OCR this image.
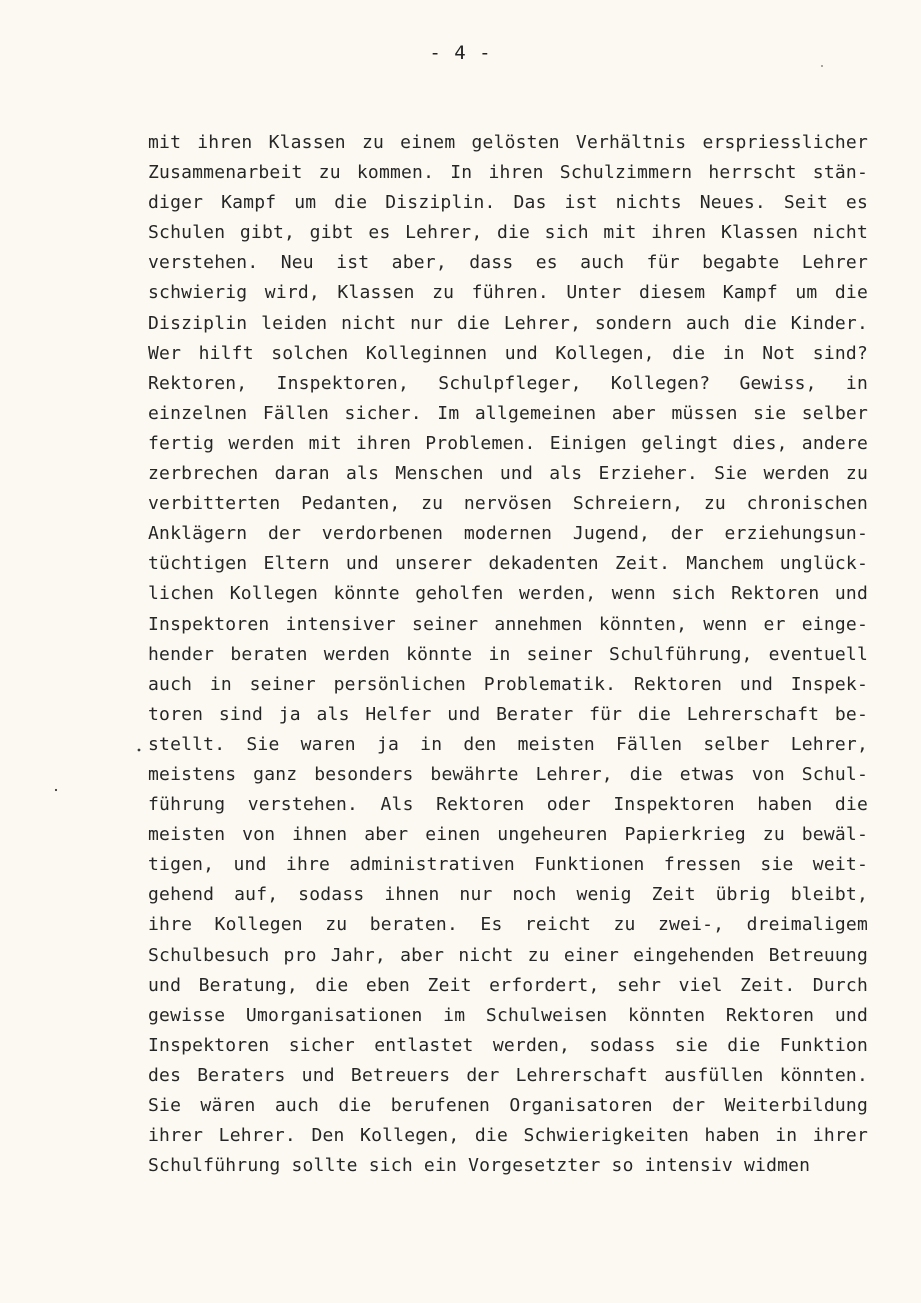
- 4 -
mit ihren Klassen zu einem gelösten Verhältnis erspriesslicher
Zusammenarbeit zu kommen. In ihren Schulzimmern herrscht stän-
diger Kampf um die Disziplin. Das ist nichts Neues. Seit es
Schulen gibt, gibt es Lehrer, die sich mit ihren Klassen nicht
verstehen. Neu ist aber, dass es auch für begabte Lehrer
schwierig wird, Klassen zu führen. Unter diesem Kampf um die
Disziplin leiden nicht nur die Lehrer, sondern auch die Kinder.
Wer hilft solchen Kolleginnen und Kollegen, die in Not sind?
Rektoren, Inspektoren, Schulpfleger, Kollegen? Gewiss, in
einzelnen Fällen sicher. Im allgemeinen aber müssen sie selber
fertig werden mit ihren Problemen. Einigen gelingt dies, andere
zerbrechen daran als Menschen und als Erzieher. Sie werden zu
verbitterten Pedanten, zu nervösen Schreiern, zu chronischen
Anklägern der verdorbenen modernen Jugend, der erziehungsun-
tüchtigen Eltern und unserer dekadenten Zeit. Manchem unglück-
lichen Kollegen könnte geholfen werden, wenn sich Rektoren und
Inspektoren intensiver seiner annehmen könnten, wenn er einge-
hender beraten werden könnte in seiner Schulführung, eventuell
auch in seiner persönlichen Problematik. Rektoren und Inspek-
toren sind ja als Helfer und Berater für die Lehrerschaft be-
stellt. Sie waren ja in den meisten Fällen selber Lehrer,
meistens ganz besonders bewährte Lehrer, die etwas von Schul-
führung verstehen. Als Rektoren oder Inspektoren haben die
meisten von ihnen aber einen ungeheuren Papierkrieg zu bewäl-
tigen, und ihre administrativen Funktionen fressen sie weit-
gehend auf, sodass ihnen nur noch wenig Zeit übrig bleibt,
ihre Kollegen zu beraten. Es reicht zu zwei-, dreimaligem
Schulbesuch pro Jahr, aber nicht zu einer eingehenden Betreuung
und Beratung, die eben Zeit erfordert, sehr viel Zeit. Durch
gewisse Umorganisationen im Schulweisen könnten Rektoren und
Inspektoren sicher entlastet werden, sodass sie die Funktion
des Beraters und Betreuers der Lehrerschaft ausfüllen könnten.
Sie wären auch die berufenen Organisatoren der Weiterbildung
ihrer Lehrer. Den Kollegen, die Schwierigkeiten haben in ihrer
Schulführung sollte sich ein Vorgesetzter so intensiv widmen
